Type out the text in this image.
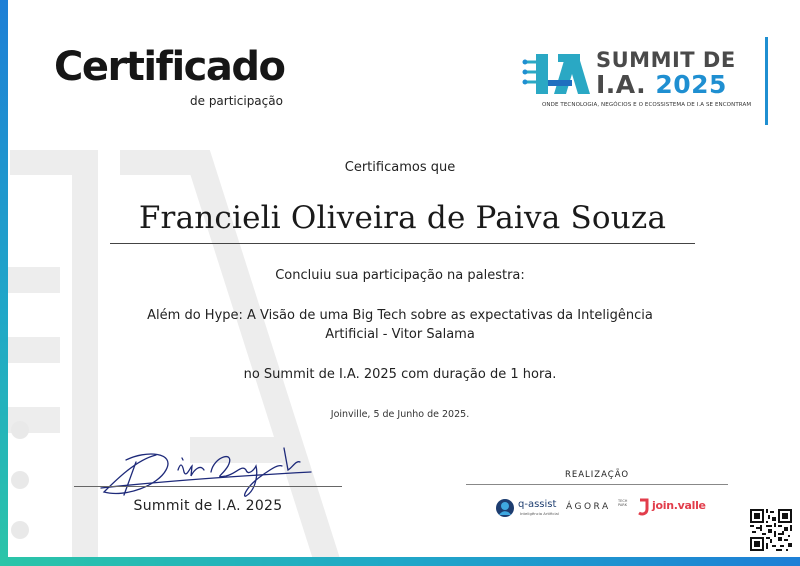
Certificado
de participação
SUMMIT DE
I.A. 2025
ONDE TECNOLOGIA, NEGÓCIOS E O ECOSSISTEMA DE I.A SE ENCONTRAM
Certificamos que
Francieli Oliveira de Paiva Souza
Concluiu sua participação na palestra:
Além do Hype: A Visão de uma Big Tech sobre as expectativas da Inteligência
Artificial - Vitor Salama
no Summit de I.A. 2025 com duração de 1 hora.
Joinville, 5 de Junho de 2025.
Summit de I.A. 2025
REALIZAÇÃO
q-assist
Inteligência Artificial
ÁGORA
TECH
PARK join.valle
